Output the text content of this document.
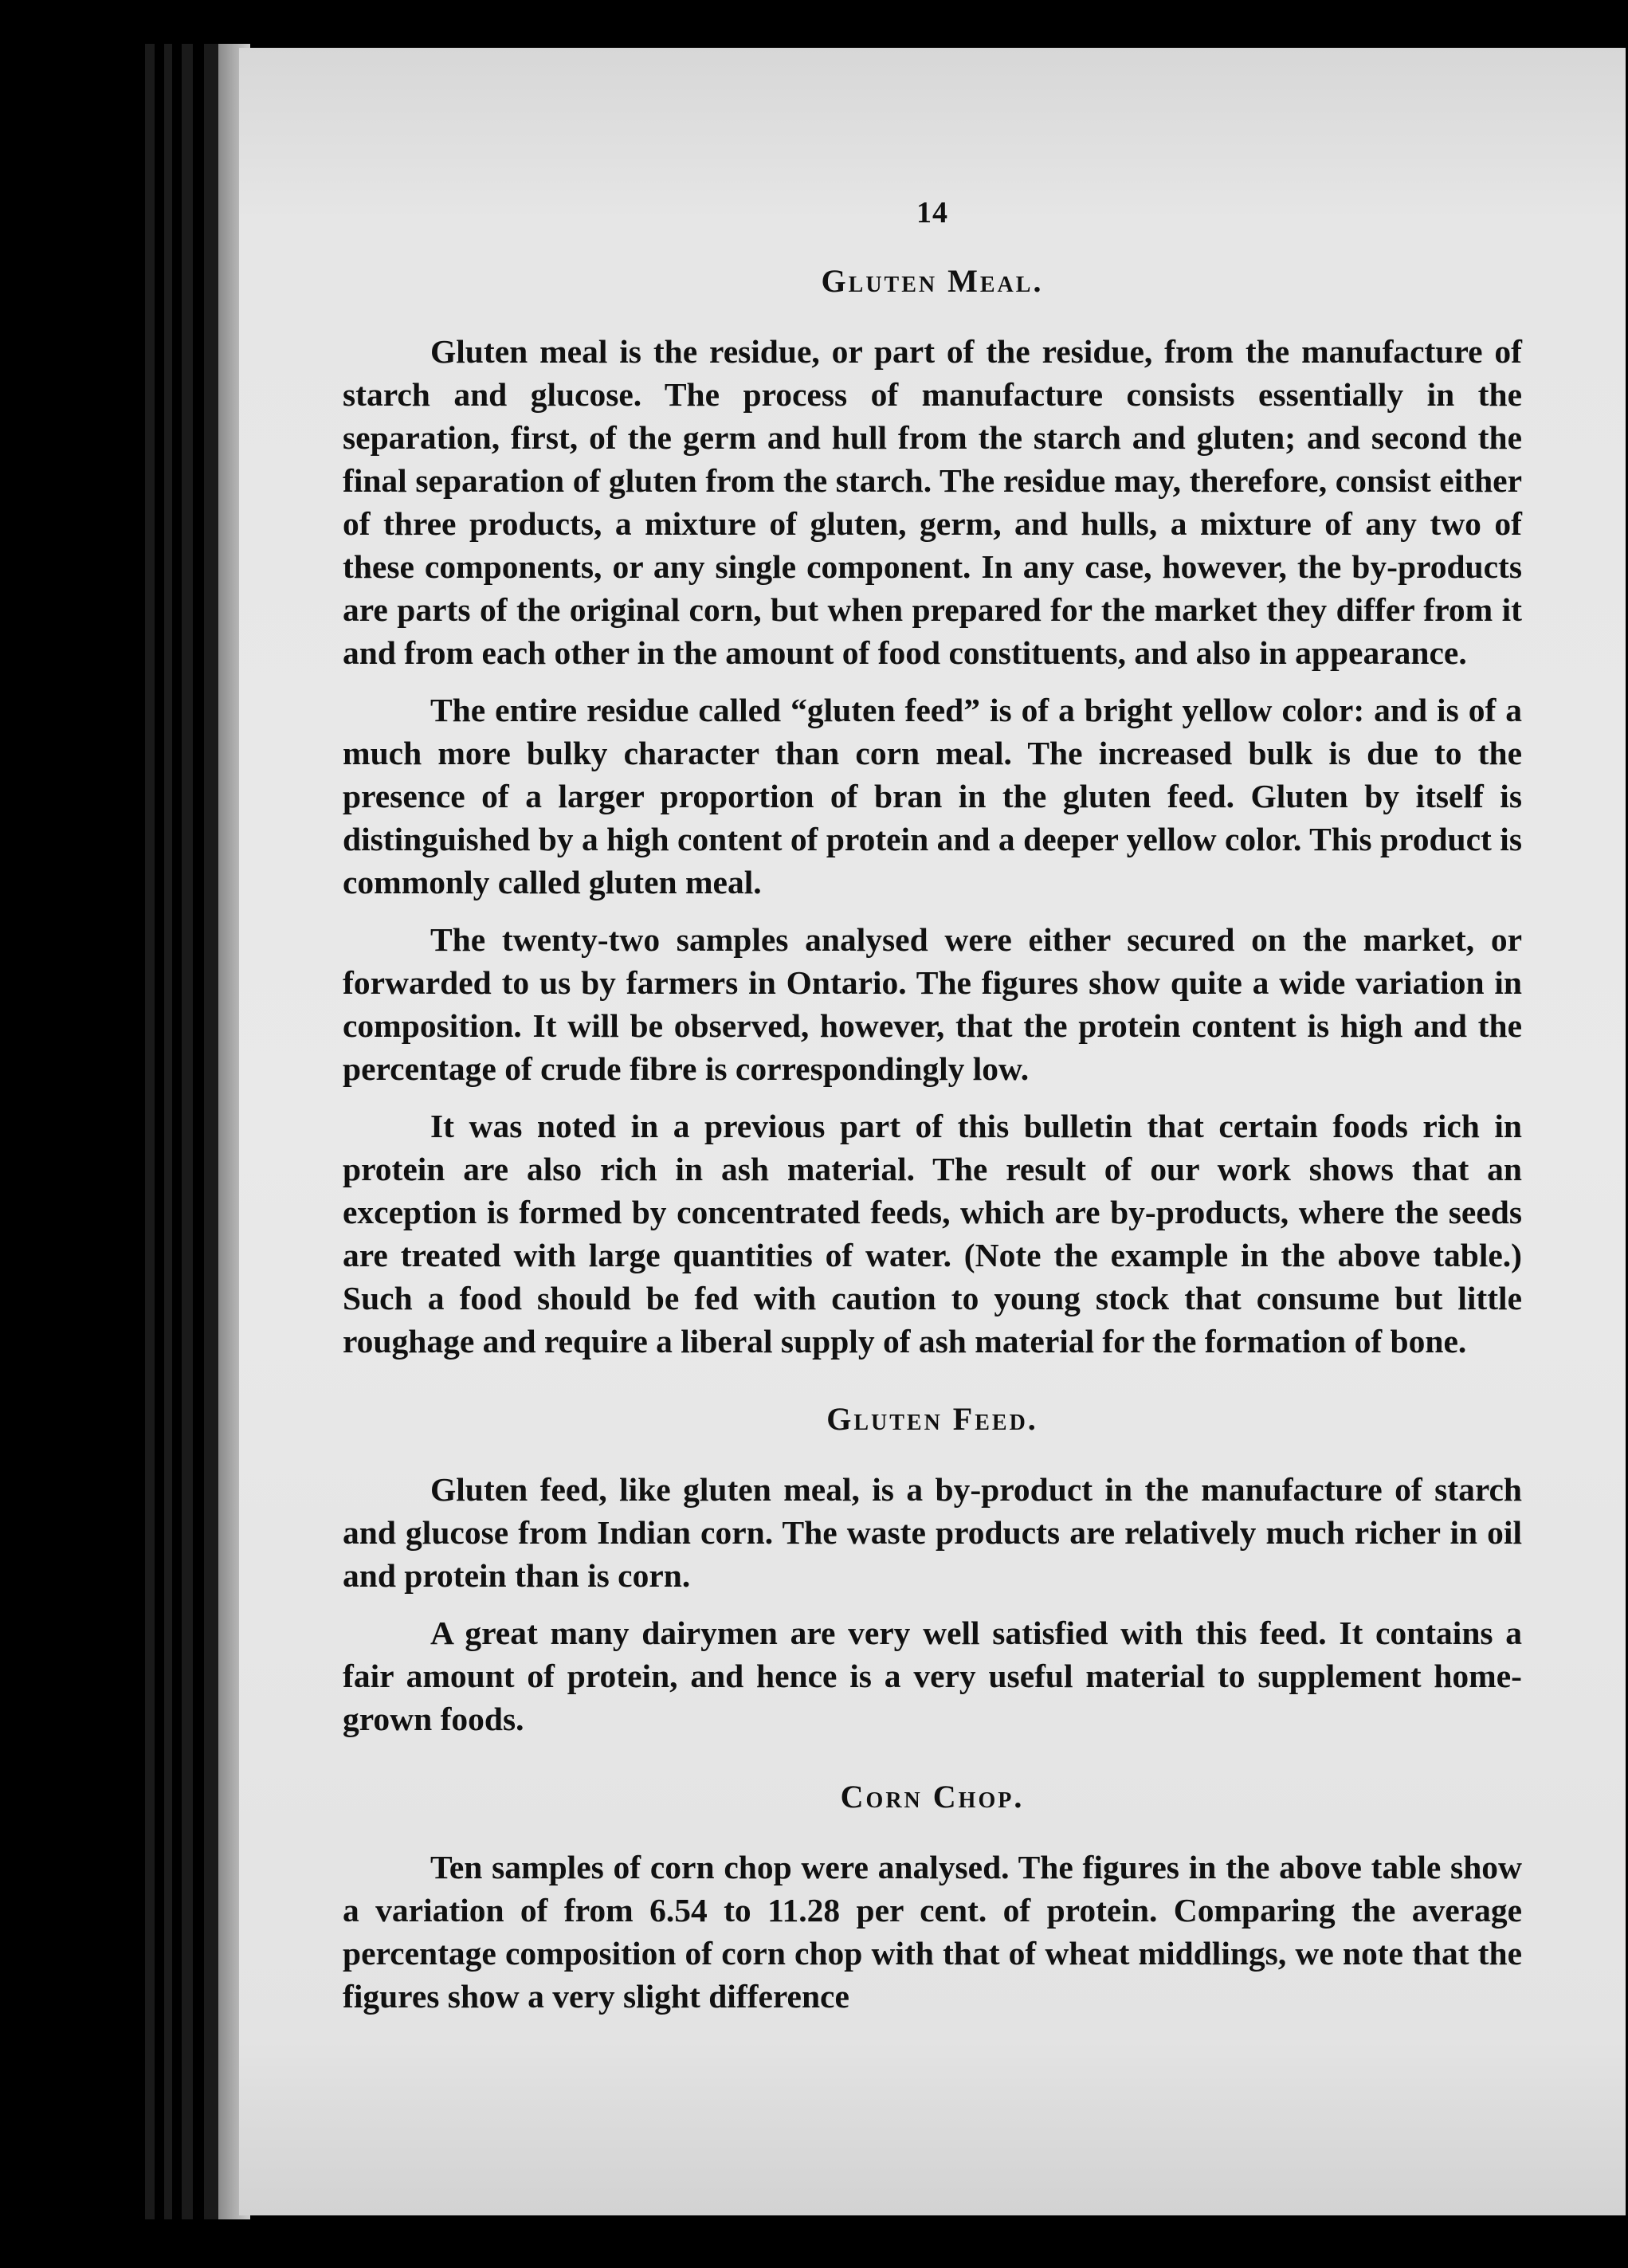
14
Gluten Meal.

Gluten meal is the residue, or part of the residue, from the manufacture of starch and glucose. The process of manufacture consists essentially in the separation, first, of the germ and hull from the starch and gluten; and second the final separation of gluten from the starch. The residue may, therefore, consist either of three products, a mixture of gluten, germ, and hulls, a mixture of any two of these components, or any single component. In any case, however, the by-products are parts of the original corn, but when prepared for the market they differ from it and from each other in the amount of food constituents, and also in appearance.

The entire residue called “gluten feed” is of a bright yellow color: and is of a much more bulky character than corn meal. The increased bulk is due to the presence of a larger proportion of bran in the gluten feed. Gluten by itself is distinguished by a high content of protein and a deeper yellow color. This product is commonly called gluten meal.

The twenty-two samples analysed were either secured on the market, or forwarded to us by farmers in Ontario. The figures show quite a wide variation in composition. It will be observed, however, that the protein content is high and the percentage of crude fibre is correspondingly low.

It was noted in a previous part of this bulletin that certain foods rich in protein are also rich in ash material. The result of our work shows that an exception is formed by concentrated feeds, which are by-products, where the seeds are treated with large quantities of water. (Note the example in the above table.) Such a food should be fed with caution to young stock that consume but little roughage and require a liberal supply of ash material for the formation of bone.

Gluten Feed.

Gluten feed, like gluten meal, is a by-product in the manufacture of starch and glucose from Indian corn. The waste products are relatively much richer in oil and protein than is corn.

A great many dairymen are very well satisfied with this feed. It contains a fair amount of protein, and hence is a very useful material to supplement home-grown foods.

Corn Chop.

Ten samples of corn chop were analysed. The figures in the above table show a variation of from 6.54 to 11.28 per cent. of protein. Comparing the average percentage composition of corn chop with that of wheat middlings, we note that the figures show a very slight difference
